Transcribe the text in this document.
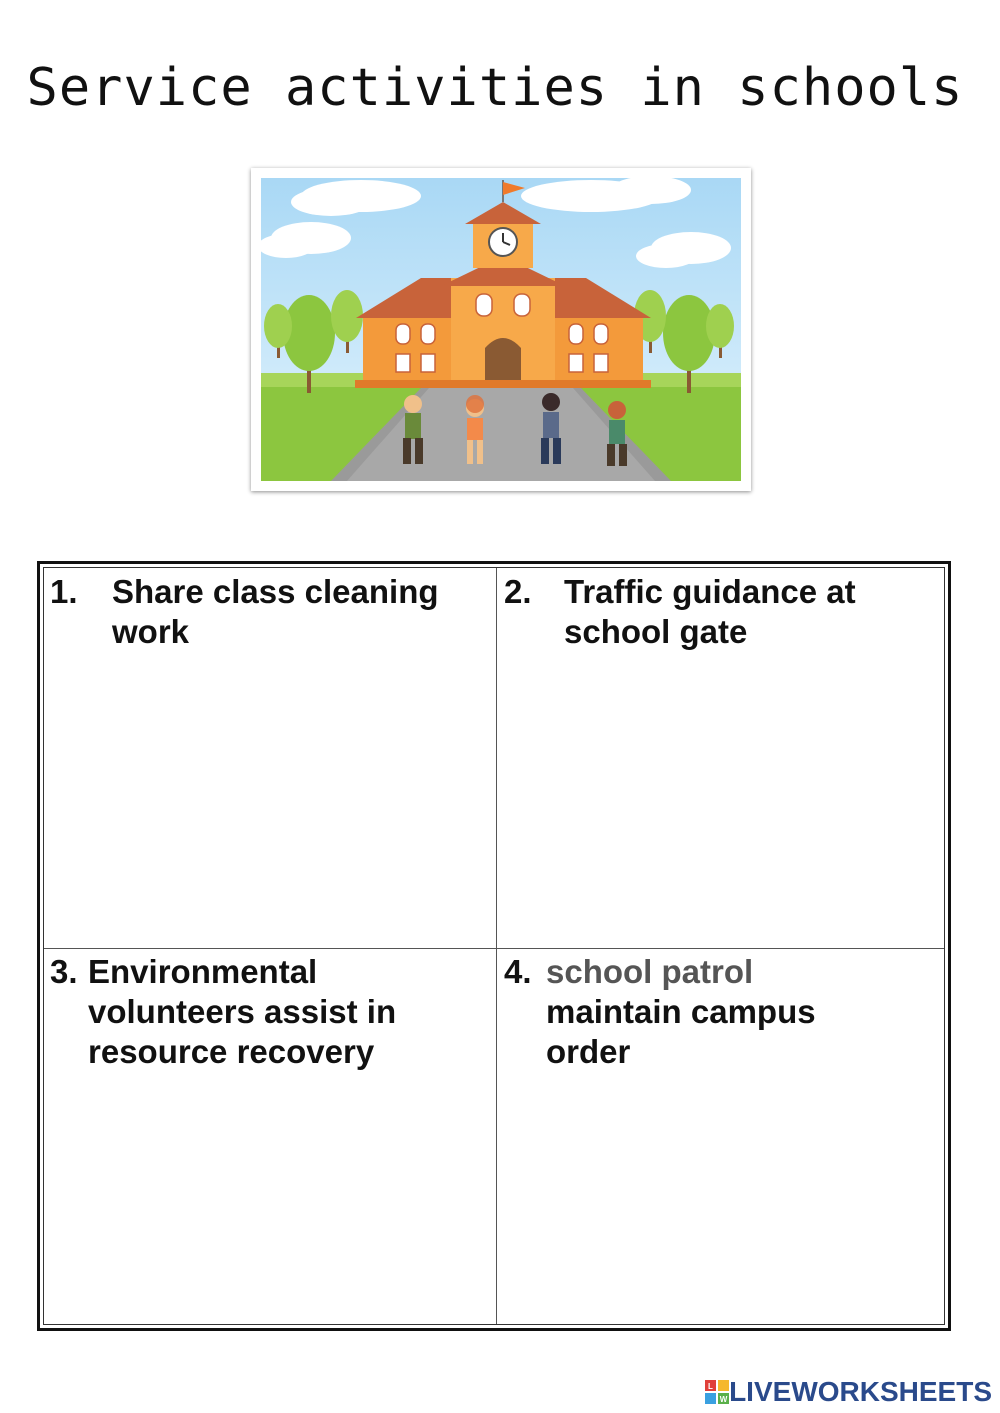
Service activities in schools
1. Share class cleaning
work
2. Traffic guidance at
school gate
3. Environmental
volunteers assist in
resource recovery
4. school patrol
maintain campus
order
L
W LIVEWORKSHEETS
